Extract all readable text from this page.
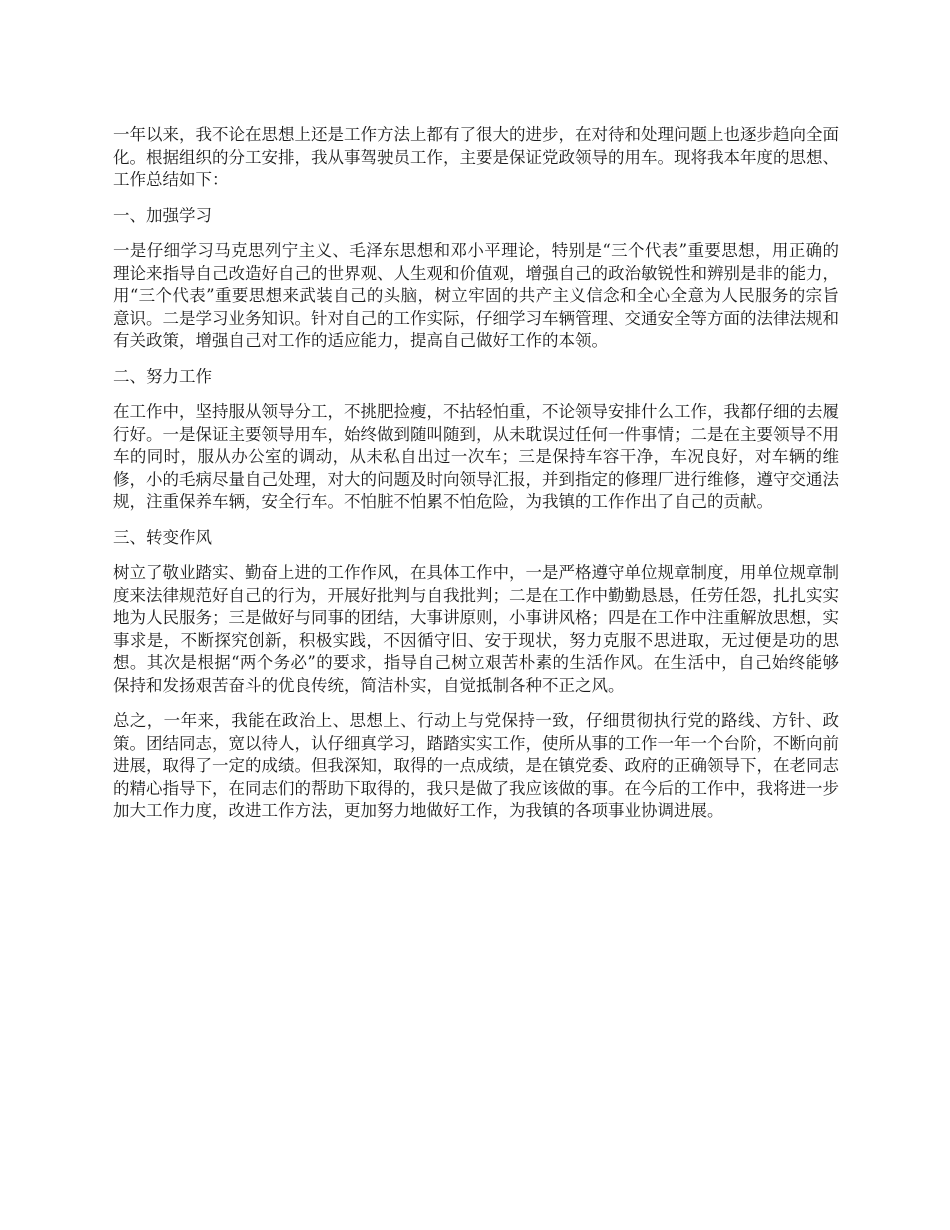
一年以来，我不论在思想上还是工作方法上都有了很大的进步，在对待和处理问题上也逐步趋向全面化。根据组织的分工安排，我从事驾驶员工作，主要是保证党政领导的用车。现将我本年度的思想、工作总结如下：

一、加强学习

一是仔细学习马克思列宁主义、毛泽东思想和邓小平理论，特别是“三个代表”重要思想，用正确的理论来指导自己改造好自己的世界观、人生观和价值观，增强自己的政治敏锐性和辨别是非的能力，用“三个代表”重要思想来武装自己的头脑，树立牢固的共产主义信念和全心全意为人民服务的宗旨意识。二是学习业务知识。针对自己的工作实际，仔细学习车辆管理、交通安全等方面的法律法规和有关政策，增强自己对工作的适应能力，提高自己做好工作的本领。

二、努力工作

在工作中，坚持服从领导分工，不挑肥捡瘦，不拈轻怕重，不论领导安排什么工作，我都仔细的去履行好。一是保证主要领导用车，始终做到随叫随到，从未耽误过任何一件事情；二是在主要领导不用车的同时，服从办公室的调动，从未私自出过一次车；三是保持车容干净，车况良好，对车辆的维修，小的毛病尽量自己处理，对大的问题及时向领导汇报，并到指定的修理厂进行维修，遵守交通法规，注重保养车辆，安全行车。不怕脏不怕累不怕危险，为我镇的工作作出了自己的贡献。

三、转变作风

树立了敬业踏实、勤奋上进的工作作风，在具体工作中，一是严格遵守单位规章制度，用单位规章制度来法律规范好自己的行为，开展好批判与自我批判；二是在工作中勤勤恳恳，任劳任怨，扎扎实实地为人民服务；三是做好与同事的团结，大事讲原则，小事讲风格；四是在工作中注重解放思想，实事求是，不断探究创新，积极实践，不因循守旧、安于现状，努力克服不思进取，无过便是功的思想。其次是根据“两个务必”的要求，指导自己树立艰苦朴素的生活作风。在生活中，自己始终能够保持和发扬艰苦奋斗的优良传统，简洁朴实，自觉抵制各种不正之风。

总之，一年来，我能在政治上、思想上、行动上与党保持一致，仔细贯彻执行党的路线、方针、政策。团结同志，宽以待人，认仔细真学习，踏踏实实工作，使所从事的工作一年一个台阶，不断向前进展，取得了一定的成绩。但我深知，取得的一点成绩，是在镇党委、政府的正确领导下，在老同志的精心指导下，在同志们的帮助下取得的，我只是做了我应该做的事。在今后的工作中，我将进一步加大工作力度，改进工作方法，更加努力地做好工作，为我镇的各项事业协调进展。
